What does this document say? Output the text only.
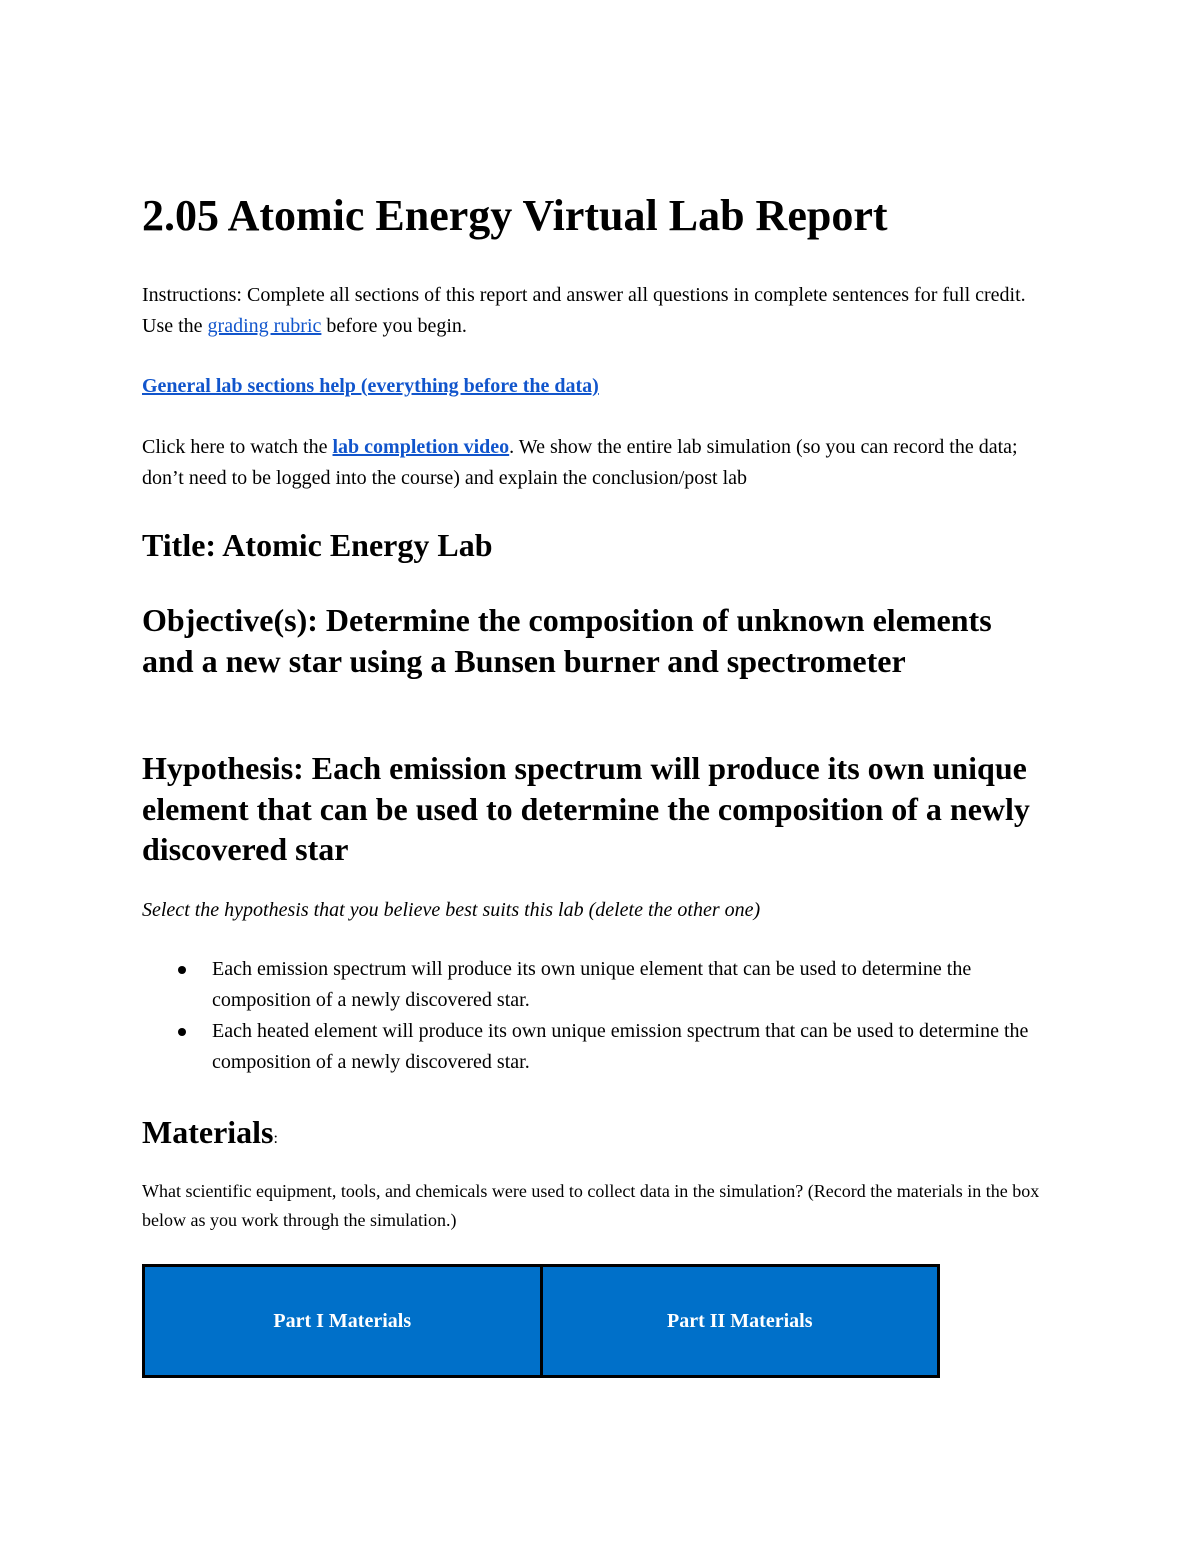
2.05 Atomic Energy Virtual Lab Report

Instructions: Complete all sections of this report and answer all questions in complete sentences for full credit. Use the grading rubric before you begin.

General lab sections help (everything before the data)

Click here to watch the lab completion video. We show the entire lab simulation (so you can record the data; don’t need to be logged into the course) and explain the conclusion/post lab

Title: Atomic Energy Lab
Objective(s): Determine the composition of unknown elements and a new star using a Bunsen burner and spectrometer
Hypothesis: Each emission spectrum will produce its own unique element that can be used to determine the composition of a newly discovered star

Select the hypothesis that you believe best suits this lab (delete the other one)

Each emission spectrum will produce its own unique element that can be used to determine the composition of a newly discovered star.
Each heated element will produce its own unique emission spectrum that can be used to determine the composition of a newly discovered star.
Materials:

What scientific equipment, tools, and chemicals were used to collect data in the simulation? (Record the materials in the box below as you work through the simulation.)

Part I Materials	Part II Materials
